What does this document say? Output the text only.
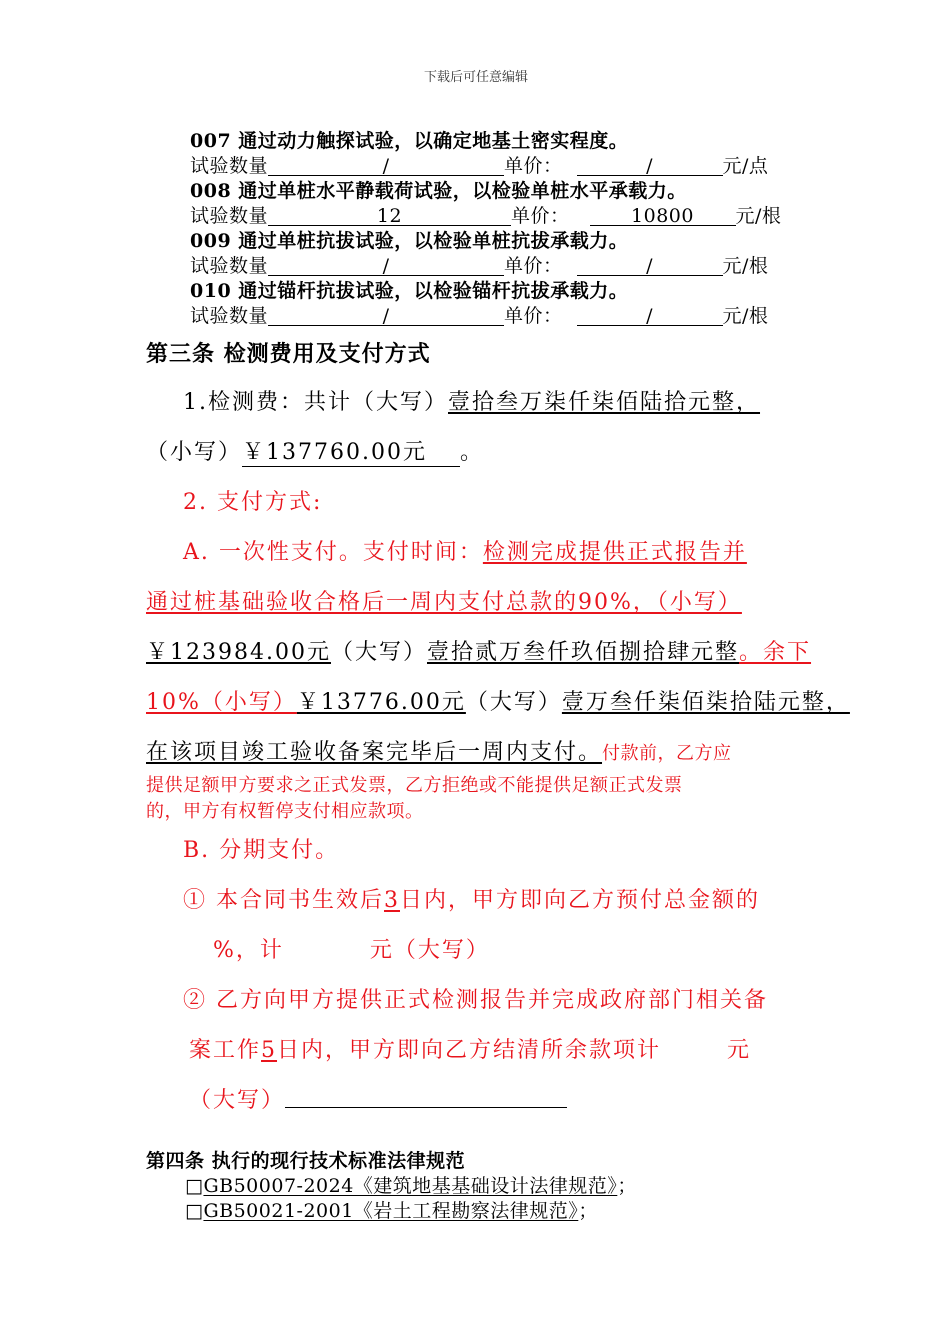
下载后可任意编辑
007 通过动力触探试验，以确定地基土密实程度。
试验数量	/	单价：	/	元/点
008 通过单桩水平静载荷试验，以检验单桩水平承载力。
试验数量	12	单价：	10800 元/根
009 通过单桩抗拔试验，以检验单桩抗拔承载力。
试验数量	/	单价：	/	元/根
010 通过锚杆抗拔试验，以检验锚杆抗拔承载力。
试验数量	/	单价：	/	元/根
第三条 检测费用及支付方式
1.检测费：共计（大写）壹拾叁万柒仟柒佰陆拾元整，
（小写）￥137760.00元 。
2. 支付方式:
A. 一次性支付。支付时间：检测完成提供正式报告并
通过桩基础验收合格后一周内支付总款的90%，（小写）
￥123984.00元（大写）壹拾贰万叁仟玖佰捌拾肆元整。余下
10%（小写）￥13776.00元（大写）壹万叁仟柒佰柒拾陆元整，
在该项目竣工验收备案完毕后一周内支付。付款前，乙方应
提供足额甲方要求之正式发票，乙方拒绝或不能提供足额正式发票
的，甲方有权暂停支付相应款项。
B. 分期支付。
① 本合同书生效后3日内，甲方即向乙方预付总金额的
%，计	元（大写）
② 乙方向甲方提供正式检测报告并完成政府部门相关备
案工作5日内，甲方即向乙方结清所余款项计	元
（大写）
第四条 执行的现行技术标准法律规范
□GB50007-2024《建筑地基基础设计法律规范》；
□GB50021-2001《岩土工程勘察法律规范》；
